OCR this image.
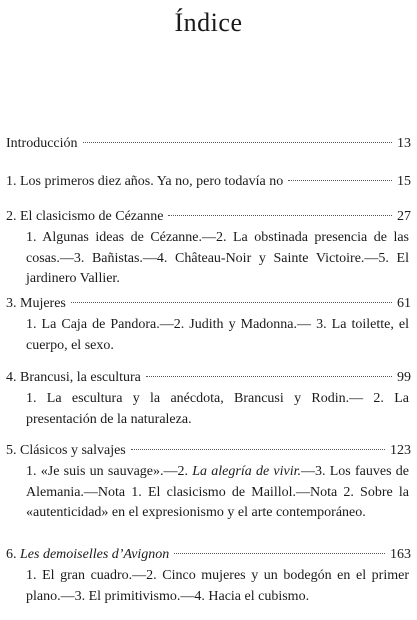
Índice
Introducción	13
1. Los primeros diez años. Ya no, pero todavía no	15
2. El clasicismo de Cézanne	27
1. Algunas ideas de Cézanne.—2. La obstinada presencia de las cosas.—3. Bañistas.—4. Château-Noir y Sainte Victoire.—5. El jardinero Vallier.
3. Mujeres	61
1. La Caja de Pandora.—2. Judith y Madonna.— 3. La toilette, el cuerpo, el sexo.
4. Brancusi, la escultura	99
1. La escultura y la anécdota, Brancusi y Rodin.— 2. La presentación de la naturaleza.
5. Clásicos y salvajes	123
1. «Je suis un sauvage».—2. La alegría de vivir.—3. Los fauves de Alemania.—Nota 1. El clasicismo de Maillol.—Nota 2. Sobre la «autenticidad» en el expresionismo y el arte contemporáneo.
6. Les demoiselles d’Avignon	163
1. El gran cuadro.—2. Cinco mujeres y un bodegón en el primer plano.—3. El primitivismo.—4. Hacia el cubismo.
